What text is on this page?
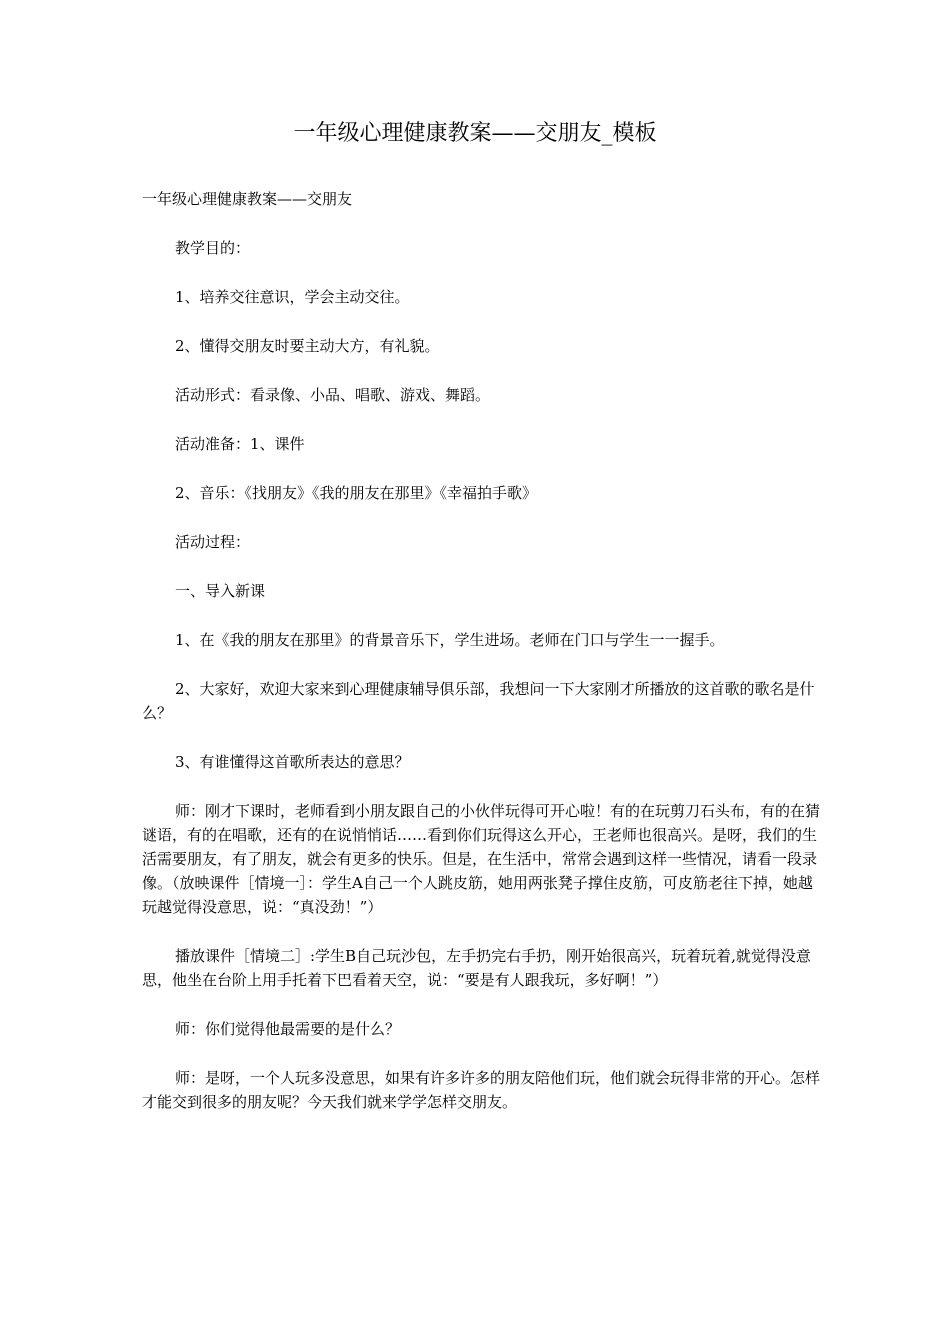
一年级心理健康教案——交朋友_模板

一年级心理健康教案——交朋友

教学目的：

1、培养交往意识，学会主动交往。

2、懂得交朋友时要主动大方，有礼貌。

活动形式：看录像、小品、唱歌、游戏、舞蹈。

活动准备：1、课件

2、音乐：《找朋友》《我的朋友在那里》《幸福拍手歌》

活动过程：

一、导入新课

1、在《我的朋友在那里》的背景音乐下，学生进场。老师在门口与学生一一握手。

2、大家好，欢迎大家来到心理健康辅导俱乐部，我想问一下大家刚才所播放的这首歌的歌名是什么？

3、有谁懂得这首歌所表达的意思？

师：刚才下课时，老师看到小朋友跟自己的小伙伴玩得可开心啦！有的在玩剪刀石头布，有的在猜谜语，有的在唱歌，还有的在说悄悄话……看到你们玩得这么开心，王老师也很高兴。是呀，我们的生活需要朋友，有了朋友，就会有更多的快乐。但是，在生活中，常常会遇到这样一些情况，请看一段录像。（放映课件［情境一］：学生A自己一个人跳皮筋，她用两张凳子撑住皮筋，可皮筋老往下掉，她越玩越觉得没意思，说：“真没劲！”）

播放课件［情境二］:学生B自己玩沙包，左手扔完右手扔，刚开始很高兴，玩着玩着,就觉得没意思，他坐在台阶上用手托着下巴看着天空，说：“要是有人跟我玩，多好啊！”）

师：你们觉得他最需要的是什么？

师：是呀，一个人玩多没意思，如果有许多许多的朋友陪他们玩，他们就会玩得非常的开心。怎样才能交到很多的朋友呢？今天我们就来学学怎样交朋友。
